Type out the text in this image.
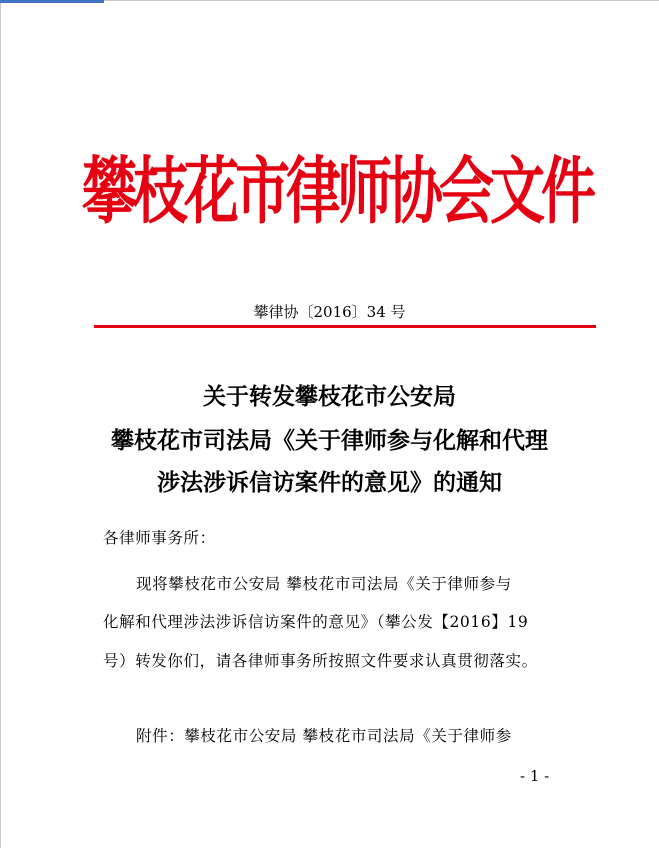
攀枝花市律师协会文件
攀律协〔2016〕34 号
关于转发攀枝花市公安局
攀枝花市司法局《关于律师参与化解和代理
涉法涉诉信访案件的意见》的通知
各律师事务所：
现将攀枝花市公安局 攀枝花市司法局《关于律师参与
化解和代理涉法涉诉信访案件的意见》（攀公发【2016】19
号）转发你们，请各律师事务所按照文件要求认真贯彻落实。
附件：攀枝花市公安局 攀枝花市司法局《关于律师参
- 1 -
